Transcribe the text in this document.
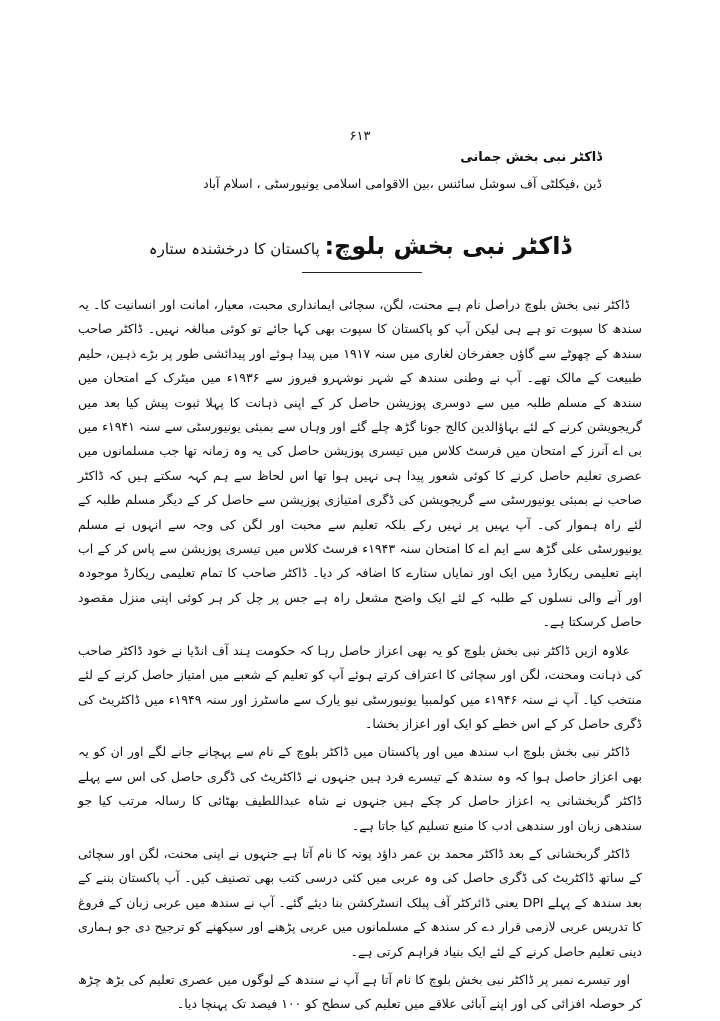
۶۱۳
ڈاکٹر نبی بخش جمانی
ڈین ،فیکلٹی آف سوشل سائنس ،بین الاقوامی اسلامی یونیورسٹی ، اسلام آباد
ڈاکٹر نبی بخش بلوچ: پاکستان کا درخشندہ ستارہ

ڈاکٹر نبی بخش بلوچ دراصل نام ہے محنت، لگن، سچائی ایمانداری محبت، معیار، امانت اور انسانیت کا۔ یہ سندھ کا سپوت تو ہے ہی لیکن آپ کو پاکستان کا سپوت بھی کہا جائے تو کوئی مبالغہ نہیں۔ ڈاکٹر صاحب سندھ کے چھوٹے سے گاؤں جعفرخان لغاری میں سنہ ۱۹۱۷ میں پیدا ہوئے اور پیدائشی طور پر بڑے ذہین، حلیم طبیعت کے مالک تھے۔ آپ نے وطنی سندھ کے شہر نوشہرو فیروز سے ۱۹۳۶ء میں میٹرک کے امتحان میں سندھ کے مسلم طلبہ میں سے دوسری پوزیشن حاصل کر کے اپنی ذہانت کا پہلا ثبوت پیش کیا بعد میں گریجویشن کرنے کے لئے بہاؤالدین کالج جونا گڑھ چلے گئے اور وہاں سے بمبئی یونیورسٹی سے سنہ ۱۹۴۱ء میں بی اے آنرز کے امتحان میں فرسٹ کلاس میں تیسری پوزیشن حاصل کی یہ وہ زمانہ تھا جب مسلمانوں میں عصری تعلیم حاصل کرنے کا کوئی شعور پیدا ہی نہیں ہوا تھا اس لحاظ سے ہم کہہ سکتے ہیں کہ ڈاکٹر صاحب نے بمبئی یونیورسٹی سے گریجویشن کی ڈگری امتیازی پوزیشن سے حاصل کر کے دیگر مسلم طلبہ کے لئے راہ ہموار کی۔ آپ یہیں پر نہیں رکے بلکہ تعلیم سے محبت اور لگن کی وجہ سے انہوں نے مسلم یونیورسٹی علی گڑھ سے ایم اے کا امتحان سنہ ۱۹۴۳ء فرسٹ کلاس میں تیسری پوزیشن سے پاس کر کے اب اپنے تعلیمی ریکارڈ میں ایک اور نمایاں ستارے کا اضافہ کر دیا۔ ڈاکٹر صاحب کا تمام تعلیمی ریکارڈ موجودہ اور آنے والی نسلوں کے طلبہ کے لئے ایک واضح مشعل راہ ہے جس پر چل کر ہر کوئی اپنی منزل مقصود حاصل کرسکتا ہے۔

علاوہ ازیں ڈاکٹر نبی بخش بلوچ کو یہ بھی اعزاز حاصل رہا کہ حکومت ہند آف انڈیا نے خود ڈاکٹر صاحب کی ذہانت ومحنت، لگن اور سچائی کا اعتراف کرتے ہوئے آپ کو تعلیم کے شعبے میں امتیاز حاصل کرنے کے لئے منتخب کیا۔ آپ نے سنہ ۱۹۴۶ء میں کولمبیا یونیورسٹی نیو یارک سے ماسٹرز اور سنہ ۱۹۴۹ء میں ڈاکٹریٹ کی ڈگری حاصل کر کے اس خطے کو ایک اور اعزاز بخشا۔

ڈاکٹر نبی بخش بلوچ اب سندھ میں اور پاکستان میں ڈاکٹر بلوچ کے نام سے پہچانے جانے لگے اور ان کو یہ بھی اعزاز حاصل ہوا کہ وہ سندھ کے تیسرے فرد ہیں جنہوں نے ڈاکٹریٹ کی ڈگری حاصل کی اس سے پہلے ڈاکٹر گربخشانی یہ اعزاز حاصل کر چکے ہیں جنہوں نے شاہ عبداللطیف بھٹائی کا رسالہ مرتب کیا جو سندھی زبان اور سندھی ادب کا منبع تسلیم کیا جاتا ہے۔

ڈاکٹر گربخشانی کے بعد ڈاکٹر محمد بن عمر داؤد پوتہ کا نام آتا ہے جنہوں نے اپنی محنت، لگن اور سچائی کے ساتھ ڈاکٹریٹ کی ڈگری حاصل کی وہ عربی میں کئی درسی کتب بھی تصنیف کیں۔ آپ پاکستان بننے کے بعد سندھ کے پہلے DPI یعنی ڈائرکٹر آف پبلک انسٹرکشن بنا دیئے گئے۔ آپ نے سندھ میں عربی زبان کے فروغ کا تدریس عربی لازمی قرار دے کر سندھ کے مسلمانوں میں عربی پڑھنے اور سیکھنے کو ترجیح دی جو ہماری دینی تعلیم حاصل کرنے کے لئے ایک بنیاد فراہم کرتی ہے۔

اور تیسرے نمبر پر ڈاکٹر نبی بخش بلوچ کا نام آتا ہے آپ نے سندھ کے لوگوں میں عصری تعلیم کی بڑھ چڑھ کر حوصلہ افزائی کی اور اپنے آبائی علاقے میں تعلیم کی سطح کو ۱۰۰ فیصد تک پہنچا دیا۔
